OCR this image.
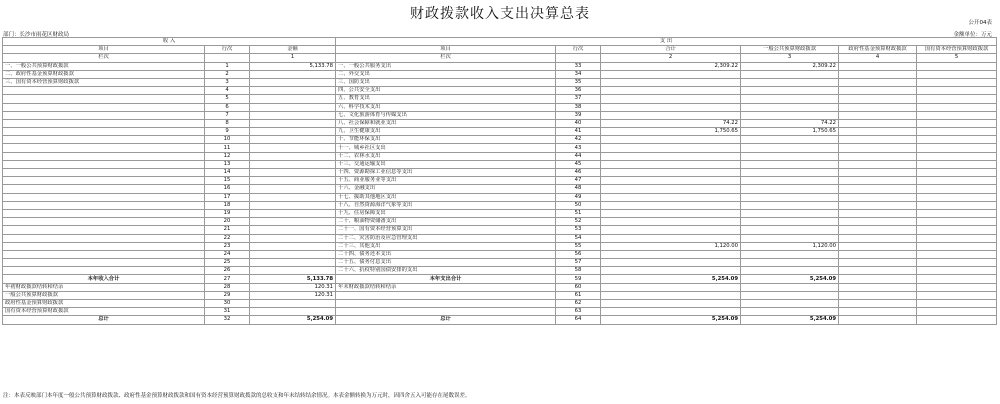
财政拨款收入支出决算总表
公开04表
部门：长沙市雨花区财政局	金额单位：万元
收 入			支 出					
项目	行次	金额	项目	行次	合计	一般公共预算财政拨款	政府性基金预算财政拨款	国有资本经营预算财政拨款
栏次		1	栏次		2	3	4	5
一、一般公共预算财政拨款	1	5,133.78	一、一般公共服务支出	33	2,309.22	2,309.22		
二、政府性基金预算财政拨款	2		二、外交支出	34				
三、国有资本经营预算财政拨款	3		三、国防支出	35				
	4		四、公共安全支出	36				
	5		五、教育支出	37				
	6		六、科学技术支出	38				
	7		七、文化旅游体育与传媒支出	39				
	8		八、社会保障和就业支出	40	74.22	74.22		
	9		九、卫生健康支出	41	1,750.65	1,750.65		
	10		十、节能环保支出	42				
	11		十一、城乡社区支出	43				
	12		十二、农林水支出	44				
	13		十三、交通运输支出	45				
	14		十四、资源勘探工业信息等支出	46				
	15		十五、商业服务业等支出	47				
	16		十六、金融支出	48				
	17		十七、援助其他地区支出	49				
	18		十八、自然资源海洋气象等支出	50				
	19		十九、住房保障支出	51				
	20		二十、粮油物资储备支出	52				
	21		二十一、国有资本经营预算支出	53				
	22		二十二、灾害防治及应急管理支出	54				
	23		二十三、其他支出	55	1,120.00	1,120.00		
	24		二十四、债务还本支出	56				
	25		二十五、债务付息支出	57				
	26		二十六、抗疫特别国债安排的支出	58				
本年收入合计	27	5,133.78	本年支出合计	59	5,254.09	5,254.09		
年初财政拨款结转和结余	28	120.31	年末财政拨款结转和结余	60				
一般公共预算财政拨款	29	120.31		61				
政府性基金预算财政拨款	30			62				
国有资本经营预算财政拨款	31			63				
总计	32	5,254.09	总计	64	5,254.09	5,254.09		
注：本表反映部门本年度一般公共预算财政拨款、政府性基金预算财政拨款和国有资本经营预算财政拨款的总收支和年末结转结余情况。本表金额转换为万元时，因四舍五入可能存在尾数误差。
